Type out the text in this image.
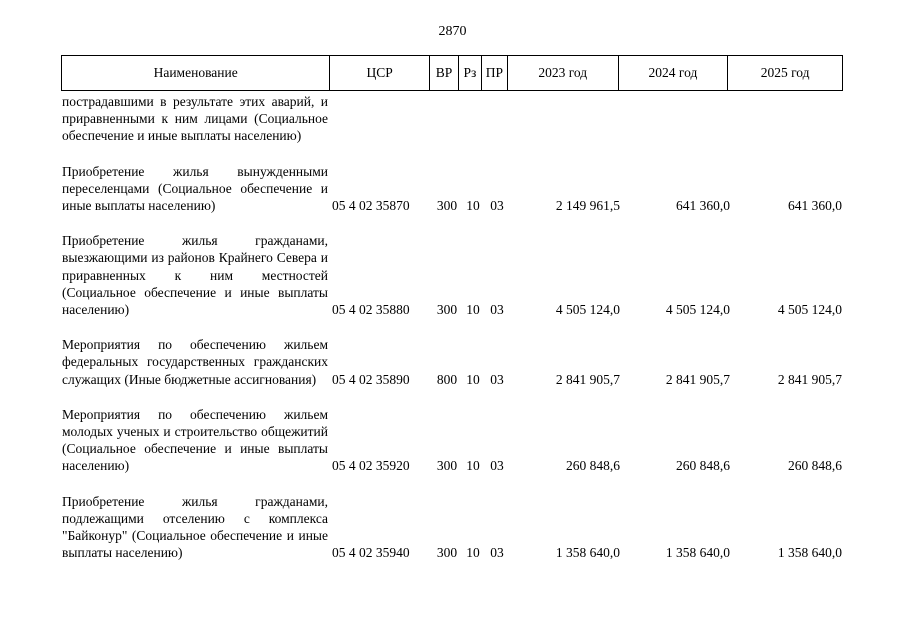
2870
Наименование	ЦСР	ВР Рз ПР	2023 год	2024 год	2025 год
пострадавшими в результате этих аварий, и приравненными к ним лицами (Социальное обеспечение и иные выплаты населению)
Приобретение жилья вынужденными переселенцами (Социальное обеспечение и иные выплаты населению)	05 4 02 35870	300 10 03	2 149 961,5	641 360,0	641 360,0
Приобретение жилья гражданами, выезжающими из районов Крайнего Севера и приравненных к ним местностей (Социальное обеспечение и иные выплаты населению)	05 4 02 35880	300 10 03	4 505 124,0	4 505 124,0	4 505 124,0
Мероприятия по обеспечению жильем федеральных государственных гражданских служащих (Иные бюджетные ассигнования)	05 4 02 35890	800 10 03	2 841 905,7	2 841 905,7	2 841 905,7
Мероприятия по обеспечению жильем молодых ученых и строительство общежитий (Социальное обеспечение и иные выплаты населению)	05 4 02 35920	300 10 03	260 848,6	260 848,6	260 848,6
Приобретение жилья гражданами, подлежащими отселению с комплекса "Байконур" (Социальное обеспечение и иные выплаты населению)	05 4 02 35940	300 10 03	1 358 640,0	1 358 640,0	1 358 640,0
